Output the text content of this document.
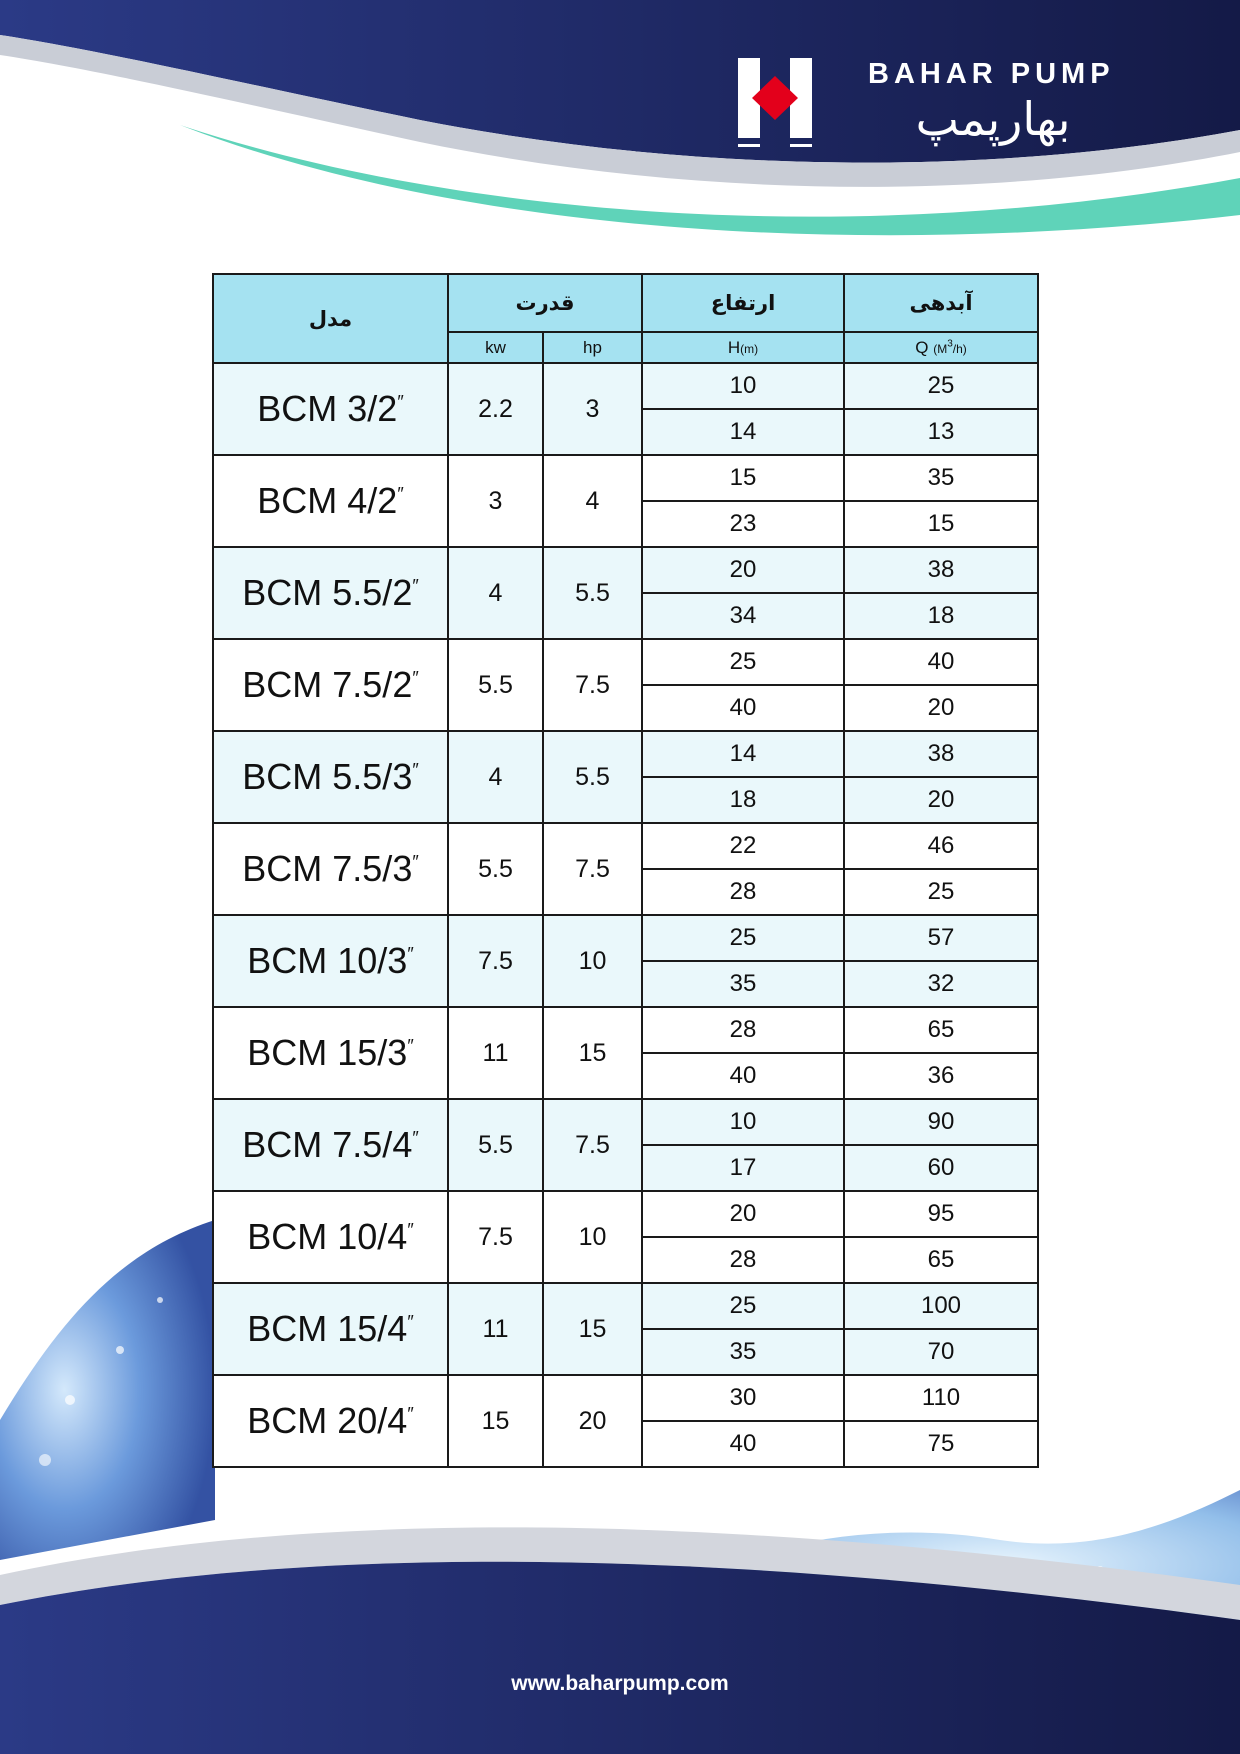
BAHAR PUMP
بهارپمپ
مدل	قدرت		ارتفاع	آبدهی
	kw	hp	H(m)	Q $(M^3/h)$
BCM 3/2″	2.2	3	10	25
			14	13
BCM 4/2″	3	4	15	35
			23	15
BCM 5.5/2″	4	5.5	20	38
			34	18
BCM 7.5/2″	5.5	7.5	25	40
			40	20
BCM 5.5/3″	4	5.5	14	38
			18	20
BCM 7.5/3″	5.5	7.5	22	46
			28	25
BCM 10/3″	7.5	10	25	57
			35	32
BCM 15/3″	11	15	28	65
			40	36
BCM 7.5/4″	5.5	7.5	10	90
			17	60
BCM 10/4″	7.5	10	20	95
			28	65
BCM 15/4″	11	15	25	100
			35	70
BCM 20/4″	15	20	30	110
			40	75
www.baharpump.com
